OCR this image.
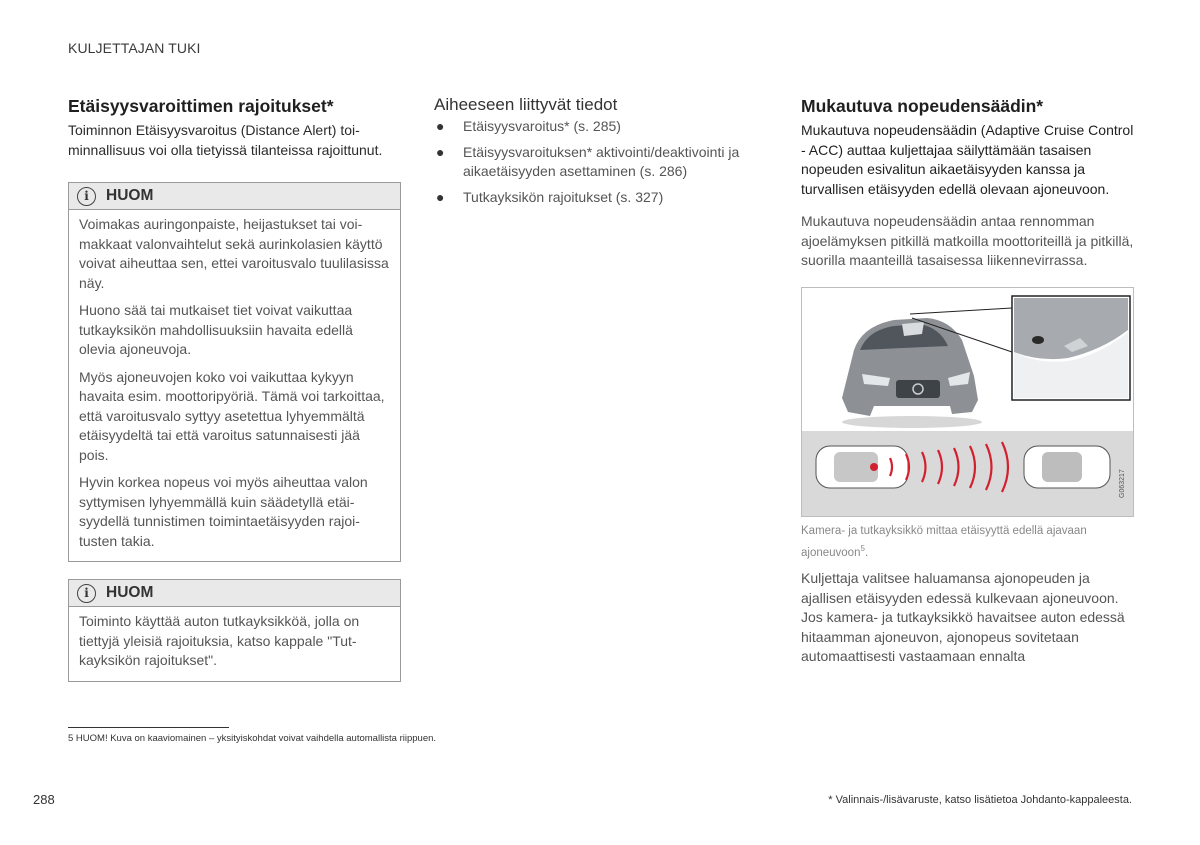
KULJETTAJAN TUKI
Etäisyysvaroittimen rajoitukset*

Toiminnon Etäisyysvaroitus (Distance Alert) toiminnallisuus voi olla tietyissä tilanteissa rajoittunut.

i	HUOM

Voimakas auringonpaiste, heijastukset tai voimakkaat valonvaihtelut sekä aurinkolasien käyttö voivat aiheuttaa sen, ettei varoitusvalo tuulilasissa näy.

Huono sää tai mutkaiset tiet voivat vaikuttaa tutkayksikön mahdollisuuksiin havaita edellä olevia ajoneuvoja.

Myös ajoneuvojen koko voi vaikuttaa kykyyn havaita esim. moottoripyöriä. Tämä voi tarkoittaa, että varoitusvalo syttyy asetettua lyhyemmältä etäisyydeltä tai että varoitus satunnaisesti jää pois.

Hyvin korkea nopeus voi myös aiheuttaa valon syttymisen lyhyemmällä kuin säädetyllä etäisyydellä tunnistimen toimintaetäisyyden rajoitusten takia.

i	HUOM

Toiminto käyttää auton tutkayksikköä, jolla on tiettyjä yleisiä rajoituksia, katso kappale "Tutkayksikön rajoitukset".

Aiheeseen liittyvät tiedot
● Etäisyysvaroitus* (s. 285)
● Etäisyysvaroituksen* aktivointi/deaktivointi ja aikaetäisyyden asettaminen (s. 286)
● Tutkayksikön rajoitukset (s. 327)
Mukautuva nopeudensäädin*

Mukautuva nopeudensäädin (Adaptive Cruise Control - ACC) auttaa kuljettajaa säilyttämään tasaisen nopeuden esivalitun aikaetäisyyden kanssa ja turvallisen etäisyyden edellä olevaan ajoneuvoon.

Mukautuva nopeudensäädin antaa rennomman ajoelämyksen pitkillä matkoilla moottoriteillä ja pitkillä, suorilla maanteillä tasaisessa liikennevirrassa.

G063217

Kamera- ja tutkayksikkö mittaa etäisyyttä edellä ajavaan ajoneuvoon$^5$.

Kuljettaja valitsee haluamansa ajonopeuden ja ajallisen etäisyyden edessä kulkevaan ajoneuvoon. Jos kamera- ja tutkayksikkö havaitsee auton edessä hitaamman ajoneuvon, ajonopeus sovitetaan automaattisesti vastaamaan ennalta

5 HUOM! Kuva on kaaviomainen – yksityiskohdat voivat vaihdella automallista riippuen.
288	* Valinnais-/lisävaruste, katso lisätietoa Johdanto-kappaleesta.
